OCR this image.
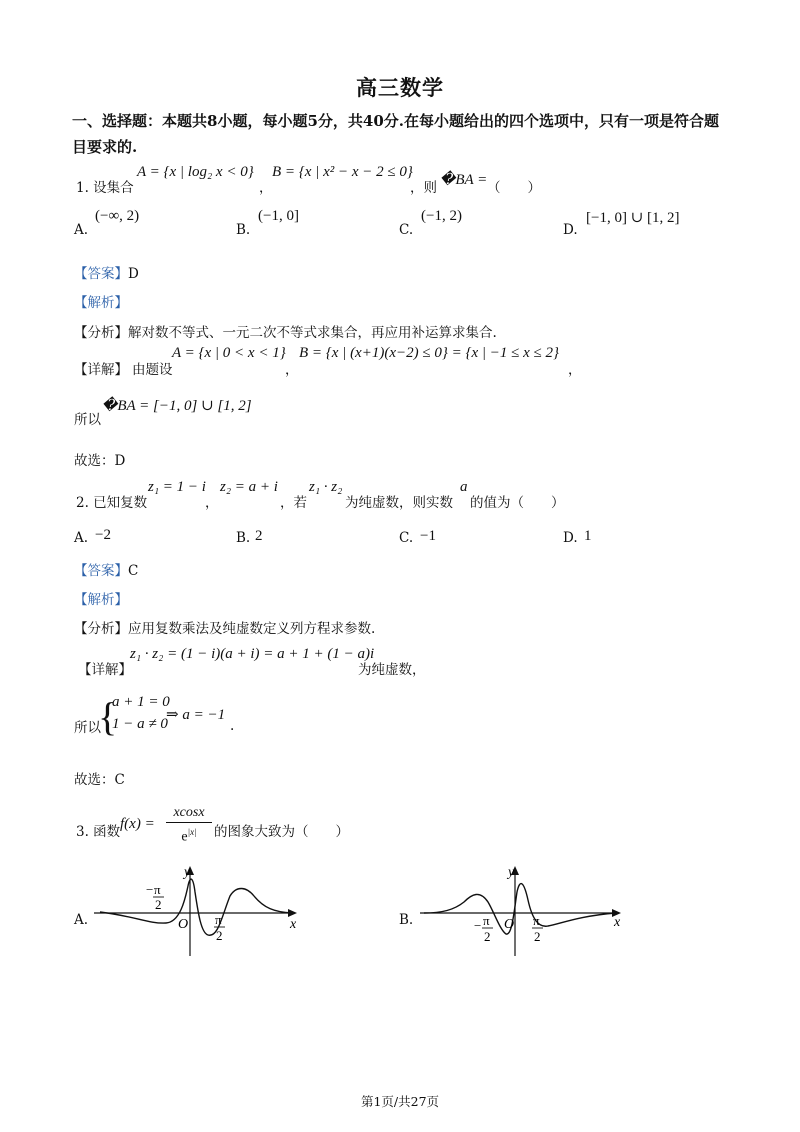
高三数学
一、选择题：本题共8小题，每小题5分，共40分.在每小题给出的四个选项中，只有一项是符合题目要求的.
1. 设集合
A = {x | log₂ x < 0}
，
B = {x | x² − x − 2 ≤ 0}
，则 �BA = （　　）
A.
(−∞, 2)
B.
(−1, 0]
C.
(−1, 2)
D.
[−1, 0] ∪ [1, 2]
【答案】D
【解析】
【分析】解对数不等式、一元二次不等式求集合，再应用补运算求集合.
【详解】 由题设
A = {x | 0 < x < 1}
，
B = {x | (x+1)(x−2) ≤ 0} = {x | −1 ≤ x ≤ 2}
，
所以
�BA = [−1, 0] ∪ [1, 2]
故选：D
2. 已知复数
z₁ = 1 − i
，
z₂ = a + i
，若
z₁ · z₂
为纯虚数，则实数
a
的值为（　　）
A. −2	B. 2	C. −1	D. 1
【答案】C
【解析】
【分析】应用复数乘法及纯虚数定义列方程求参数.
【详解】
z₁ · z₂ = (1 − i)(a + i) = a + 1 + (1 − a)i
为纯虚数，
所以
{
a + 1 = 0
1 − a ≠ 0
⇒ a = −1
.
故选：C
3. 函数 $f(x) = \frac{xcosx}{e^{|x|}}$ 的图象大致为（　　）
A.
y
x
O
− π
2
π
2
B.
y
x
O
− π
2
π
2
第1页/共27页
